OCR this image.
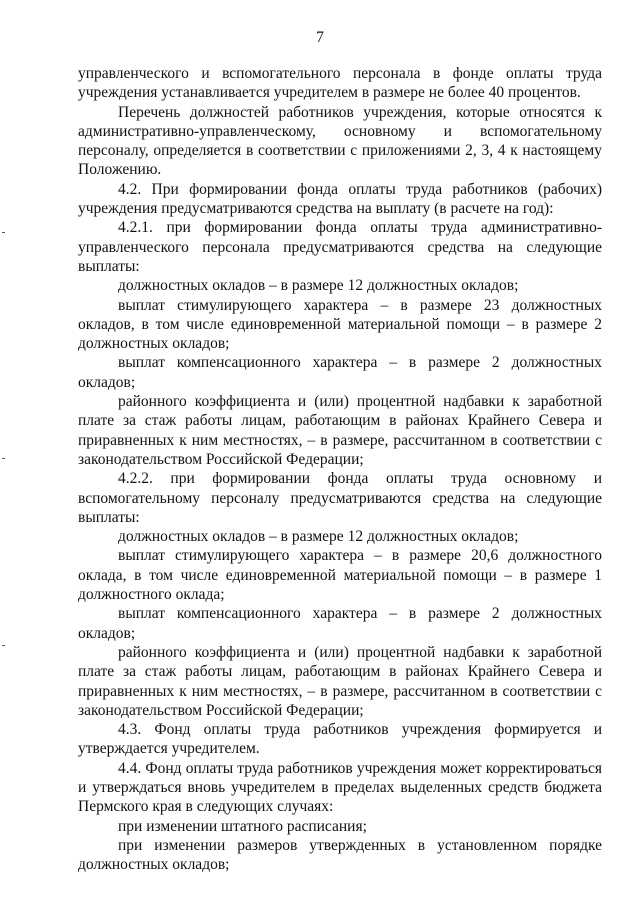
7

управленческого и вспомогательного персонала в фонде оплаты труда учреждения устанавливается учредителем в размере не более 40 процентов.

Перечень должностей работников учреждения, которые относятся к административно-управленческому, основному и вспомогательному персоналу, определяется в соответствии с приложениями 2, 3, 4 к настоящему Положению.

4.2. При формировании фонда оплаты труда работников (рабочих) учреждения предусматриваются средства на выплату (в расчете на год):

4.2.1. при формировании фонда оплаты труда административно-управленческого персонала предусматриваются средства на следующие выплаты:

должностных окладов – в размере 12 должностных окладов;

выплат стимулирующего характера – в размере 23 должностных окладов, в том числе единовременной материальной помощи – в размере 2 должностных окладов;

выплат компенсационного характера – в размере 2 должностных окладов;

районного коэффициента и (или) процентной надбавки к заработной плате за стаж работы лицам, работающим в районах Крайнего Севера и приравненных к ним местностях, – в размере, рассчитанном в соответствии с законодательством Российской Федерации;

4.2.2. при формировании фонда оплаты труда основному и вспомогательному персоналу предусматриваются средства на следующие выплаты:

должностных окладов – в размере 12 должностных окладов;

выплат стимулирующего характера – в размере 20,6 должностного оклада, в том числе единовременной материальной помощи – в размере 1 должностного оклада;

выплат компенсационного характера – в размере 2 должностных окладов;

районного коэффициента и (или) процентной надбавки к заработной плате за стаж работы лицам, работающим в районах Крайнего Севера и приравненных к ним местностях, – в размере, рассчитанном в соответствии с законодательством Российской Федерации;

4.3. Фонд оплаты труда работников учреждения формируется и утверждается учредителем.

4.4. Фонд оплаты труда работников учреждения может корректироваться и утверждаться вновь учредителем в пределах выделенных средств бюджета Пермского края в следующих случаях:

при изменении штатного расписания;

при изменении размеров утвержденных в установленном порядке должностных окладов;
